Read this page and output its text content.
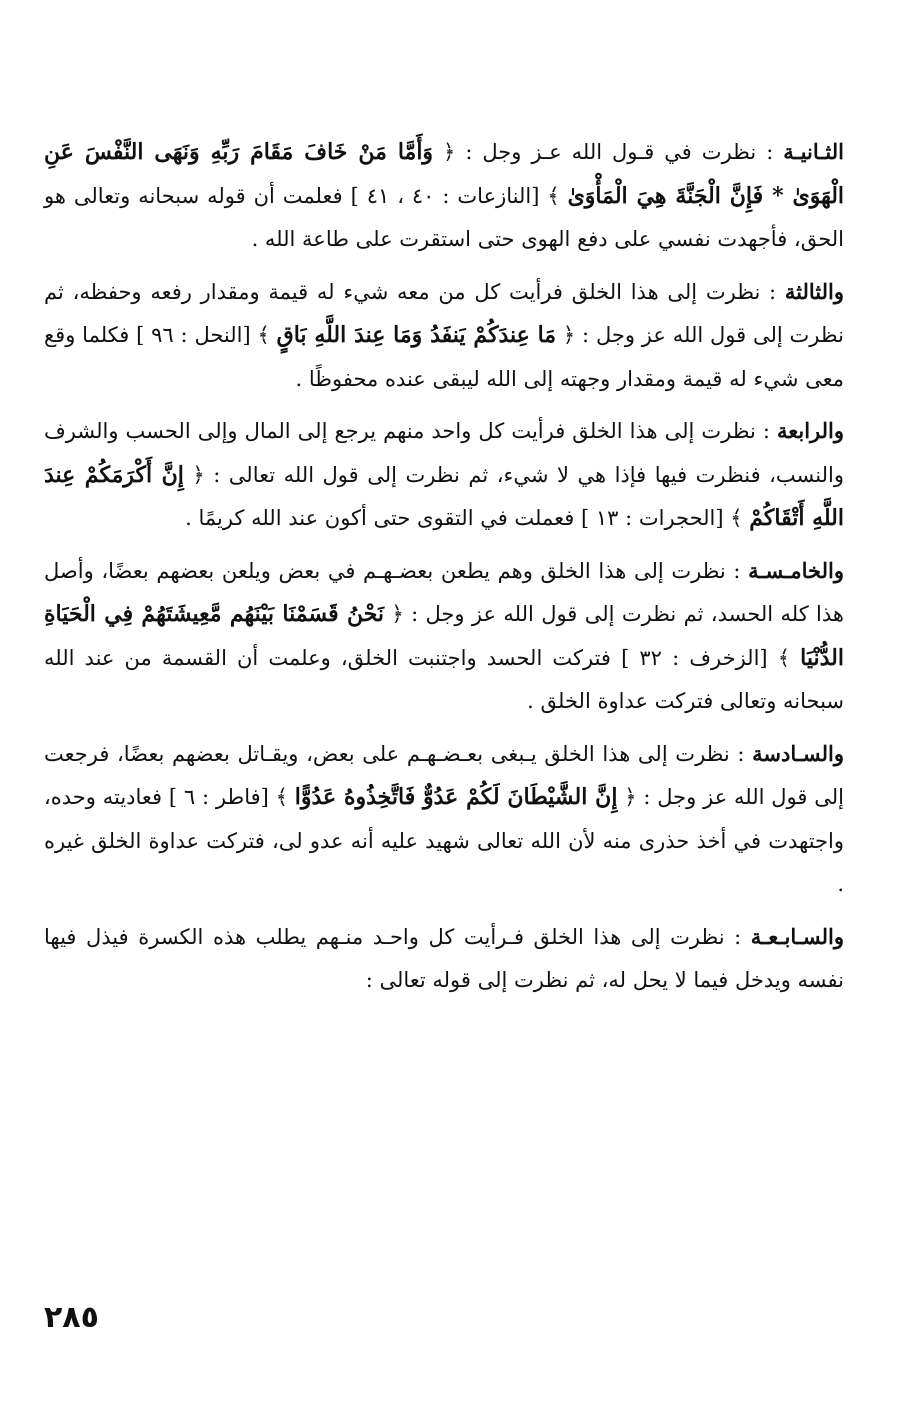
الثـانيـة : نظرت في قـول الله عـز وجل : ﴿ وَأَمَّا مَنْ خَافَ مَقَامَ رَبِّهِ وَنَهَى النَّفْسَ عَنِ الْهَوَىٰ * فَإِنَّ الْجَنَّةَ هِيَ الْمَأْوَىٰ ﴾ [النازعات : ٤٠ ، ٤١ ] فعلمت أن قوله سبحانه وتعالى هو الحق، فأجهدت نفسي على دفع الهوى حتى استقرت على طاعة الله .

والثالثة : نظرت إلى هذا الخلق فرأيت كل من معه شيء له قيمة ومقدار رفعه وحفظه، ثم نظرت إلى قول الله عز وجل : ﴿ مَا عِندَكُمْ يَنفَدُ وَمَا عِندَ اللَّهِ بَاقٍ ﴾ [النحل : ٩٦ ] فكلما وقع معى شيء له قيمة ومقدار وجهته إلى الله ليبقى عنده محفوظًا .

والرابعة : نظرت إلى هذا الخلق فرأيت كل واحد منهم يرجع إلى المال وإلى الحسب والشرف والنسب، فنظرت فيها فإذا هي لا شيء، ثم نظرت إلى قول الله تعالى : ﴿ إِنَّ أَكْرَمَكُمْ عِندَ اللَّهِ أَتْقَاكُمْ ﴾ [الحجرات : ١٣ ] فعملت في التقوى حتى أكون عند الله كريمًا .

والخامـسـة : نظرت إلى هذا الخلق وهم يطعن بعضـهـم في بعض ويلعن بعضهم بعضًا، وأصل هذا كله الحسد، ثم نظرت إلى قول الله عز وجل : ﴿ نَحْنُ قَسَمْنَا بَيْنَهُم مَّعِيشَتَهُمْ فِي الْحَيَاةِ الدُّنْيَا ﴾ [الزخرف : ٣٢ ] فتركت الحسد واجتنبت الخلق، وعلمت أن القسمة من عند الله سبحانه وتعالى فتركت عداوة الخلق .

والسـادسة : نظرت إلى هذا الخلق يـبغى بعـضـهـم على بعض، ويقـاتل بعضهم بعضًا، فرجعت إلى قول الله عز وجل : ﴿ إِنَّ الشَّيْطَانَ لَكُمْ عَدُوٌّ فَاتَّخِذُوهُ عَدُوًّا ﴾ [فاطر : ٦ ] فعاديته وحده، واجتهدت في أخذ حذرى منه لأن الله تعالى شهيد عليه أنه عدو لى، فتركت عداوة الخلق غيره .

والسـابـعـة : نظرت إلى هذا الخلق فـرأيت كل واحـد منـهم يطلب هذه الكسرة فيذل فيها نفسه ويدخل فيما لا يحل له، ثم نظرت إلى قوله تعالى :

٢٨٥
